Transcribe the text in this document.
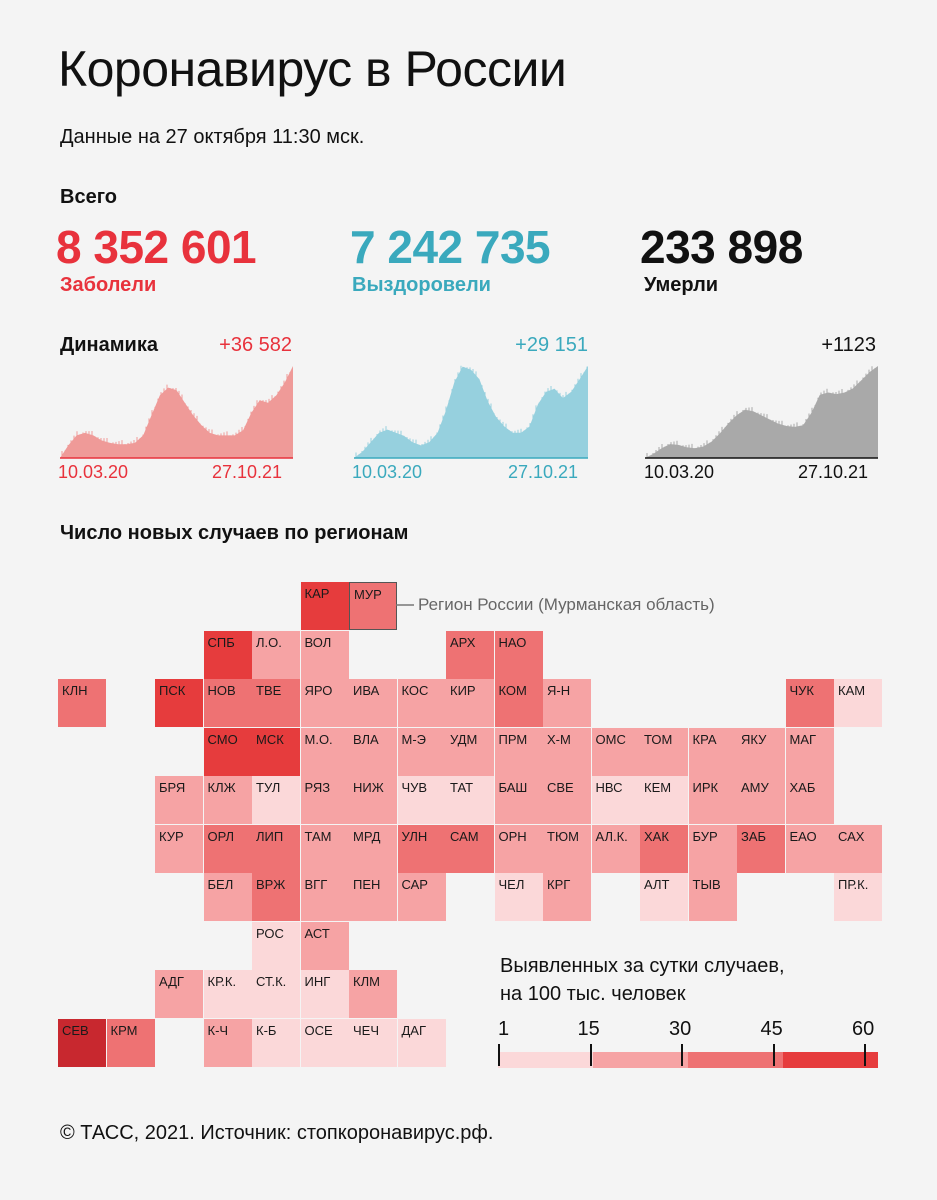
Коронавирус в России
Данные на 27 октября 11:30 мск.
Всего
8 352 601 7 242 735 233 898
Заболели	Выздоровели	Умерли
Динамика	+36 582	+29 151	+1123
10.03.20	27.10.21	10.03.20	27.10.21	10.03.20	27.10.21
Число новых случаев по регионам
КАР МУР
СПБ Л.О. ВОЛ	АРХ НАО
КЛН	ПСК НОВ ТВЕ ЯРО ИВА КОС КИР КОМ Я-Н	ЧУК КАМ
СМО МСК М.О. ВЛА М-Э УДМ ПРМ Х-М ОМС ТОМ КРА ЯКУ МАГ
БРЯ КЛЖ ТУЛ РЯЗ НИЖ ЧУВ ТАТ БАШ СВЕ НВС КЕМ ИРК АМУ ХАБ
КУР ОРЛ ЛИП ТАМ МРД УЛН САМ ОРН ТЮМ АЛ.К. ХАК БУР ЗАБ ЕАО САХ
БЕЛ ВРЖ ВГГ ПЕН САР	ЧЕЛ КРГ	АЛТ ТЫВ	ПР.К.
РОС АСТ
АДГ КР.К. СТ.К. ИНГ КЛМ
СЕВ КРМ	К-Ч К-Б ОСЕ ЧЕЧ ДАГ
Регион России (Мурманская область)
Выявленных за сутки случаев,
на 100 тыс. человек
1	15	30	45	60
© ТАСС, 2021. Источник: стопкоронавирус.рф.
